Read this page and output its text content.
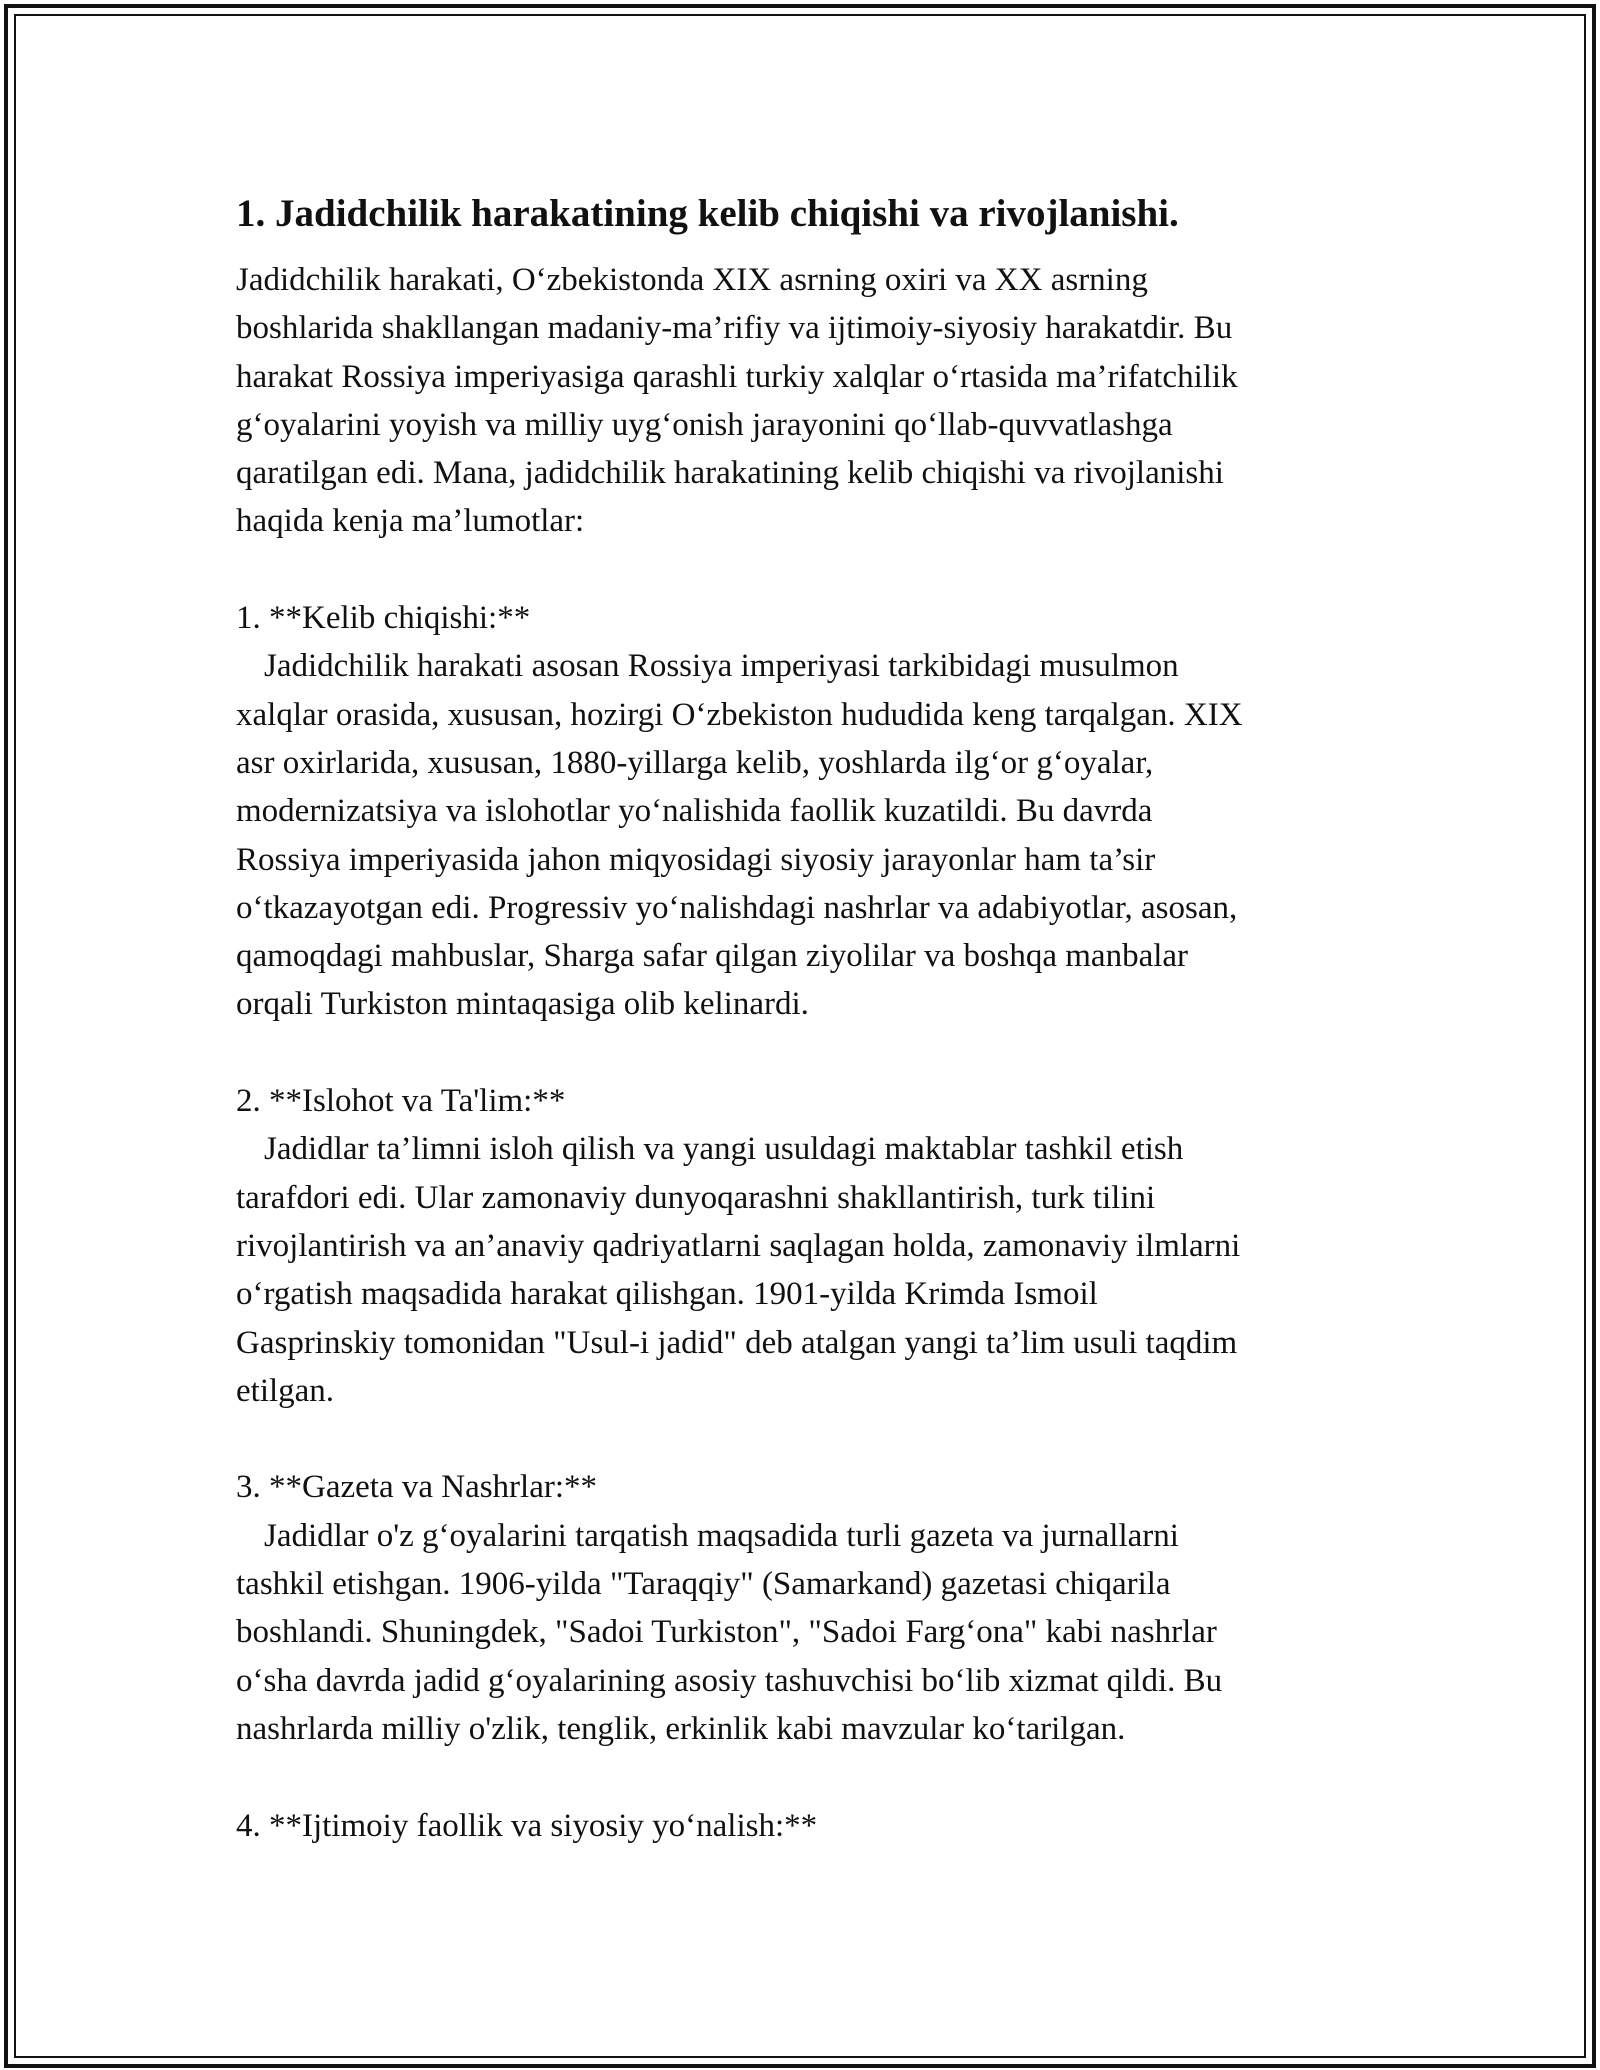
1. Jadidchilik harakatining kelib chiqishi va rivojlanishi.
Jadidchilik harakati, O‘zbekistonda XIX asrning oxiri va XX asrning
boshlarida shakllangan madaniy-ma’rifiy va ijtimoiy-siyosiy harakatdir. Bu
harakat Rossiya imperiyasiga qarashli turkiy xalqlar o‘rtasida ma’rifatchilik
g‘oyalarini yoyish va milliy uyg‘onish jarayonini qo‘llab-quvvatlashga
qaratilgan edi. Mana, jadidchilik harakatining kelib chiqishi va rivojlanishi
haqida kenja ma’lumotlar:

1. **Kelib chiqishi:**

Jadidchilik harakati asosan Rossiya imperiyasi tarkibidagi musulmon
xalqlar orasida, xususan, hozirgi O‘zbekiston hududida keng tarqalgan. XIX
asr oxirlarida, xususan, 1880-yillarga kelib, yoshlarda ilg‘or g‘oyalar,
modernizatsiya va islohotlar yo‘nalishida faollik kuzatildi. Bu davrda
Rossiya imperiyasida jahon miqyosidagi siyosiy jarayonlar ham ta’sir
o‘tkazayotgan edi. Progressiv yo‘nalishdagi nashrlar va adabiyotlar, asosan,
qamoqdagi mahbuslar, Sharga safar qilgan ziyolilar va boshqa manbalar
orqali Turkiston mintaqasiga olib kelinardi.

2. **Islohot va Ta'lim:**

Jadidlar ta’limni isloh qilish va yangi usuldagi maktablar tashkil etish
tarafdori edi. Ular zamonaviy dunyoqarashni shakllantirish, turk tilini
rivojlantirish va an’anaviy qadriyatlarni saqlagan holda, zamonaviy ilmlarni
o‘rgatish maqsadida harakat qilishgan. 1901-yilda Krimda Ismoil
Gasprinskiy tomonidan "Usul-i jadid" deb atalgan yangi ta’lim usuli taqdim
etilgan.

3. **Gazeta va Nashrlar:**

Jadidlar o'z g‘oyalarini tarqatish maqsadida turli gazeta va jurnallarni
tashkil etishgan. 1906-yilda "Taraqqiy" (Samarkand) gazetasi chiqarila
boshlandi. Shuningdek, "Sadoi Turkiston", "Sadoi Farg‘ona" kabi nashrlar
o‘sha davrda jadid g‘oyalarining asosiy tashuvchisi bo‘lib xizmat qildi. Bu
nashrlarda milliy o'zlik, tenglik, erkinlik kabi mavzular ko‘tarilgan.

4. **Ijtimoiy faollik va siyosiy yo‘nalish:**
